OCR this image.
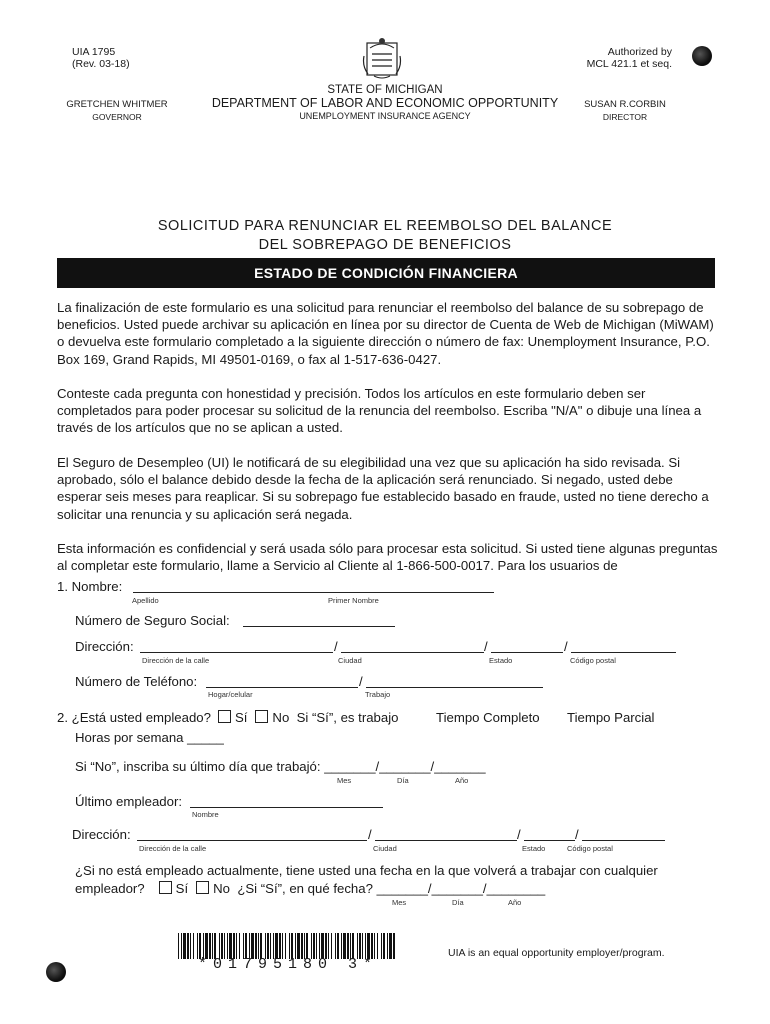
UIA 1795
(Rev. 03-18)
Authorized by
MCL 421.1 et seq.
STATE OF MICHIGAN
DEPARTMENT OF LABOR AND ECONOMIC OPPORTUNITY
UNEMPLOYMENT INSURANCE AGENCY
GRETCHEN WHITMER
GOVERNOR
SUSAN R.CORBIN
DIRECTOR
SOLICITUD PARA RENUNCIAR EL REEMBOLSO DEL BALANCE
DEL SOBREPAGO DE BENEFICIOS
ESTADO DE CONDICIÓN FINANCIERA
La finalización de este formulario es una solicitud para renunciar el reembolso del balance de su sobrepago de beneficios. Usted puede archivar su aplicación en línea por su director de Cuenta de Web de Michigan (MiWAM) o devuelva este formulario completado a la siguiente dirección o número de fax: Unemployment Insurance, P.O. Box 169, Grand Rapids, MI 49501-0169, o fax al 1-517-636-0427.
Conteste cada pregunta con honestidad y precisión. Todos los artículos en este formulario deben ser completados para poder procesar su solicitud de la renuncia del reembolso. Escriba "N/A" o dibuje una línea a través de los artículos que no se aplican a usted.
El Seguro de Desempleo (UI) le notificará de su elegibilidad una vez que su aplicación ha sido revisada. Si aprobado, sólo el balance debido desde la fecha de la aplicación será renunciado. Si negado, usted debe esperar seis meses para reaplicar. Si su sobrepago fue establecido basado en fraude, usted no tiene derecho a solicitar una renuncia y su aplicación será negada.
Esta información es confidencial y será usada sólo para procesar esta solicitud. Si usted tiene algunas preguntas al completar este formulario, llame a Servicio al Cliente al 1-866-500-0017. Para los usuarios de
1. Nombre:
Apellido	Primer Nombre
Número de Seguro Social:
Dirección:	/	/	/
Dirección de la calle	Ciudad	Estado	Código postal
Número de Teléfono:	/
Hogar/celular	Trabajo
2. ¿Está usted empleado? Sí No Si “Sí”, es trabajo	Tiempo Completo Tiempo Parcial
Horas por semana _____
Si “No”, inscriba su último día que trabajó: _______/_______/_______
Mes	Día	Año
Último empleador:
Nombre
Dirección:	/	/	/
Dirección de la calle	Ciudad	Estado	Código postal
¿Si no está empleado actualmente, tiene usted una fecha en la que volverá a trabajar con cualquier
empleador? Sí No ¿Si “Sí”, en qué fecha? _______/_______/________
Mes	Día	Año
*01795180 3*
UIA is an equal opportunity employer/program.
